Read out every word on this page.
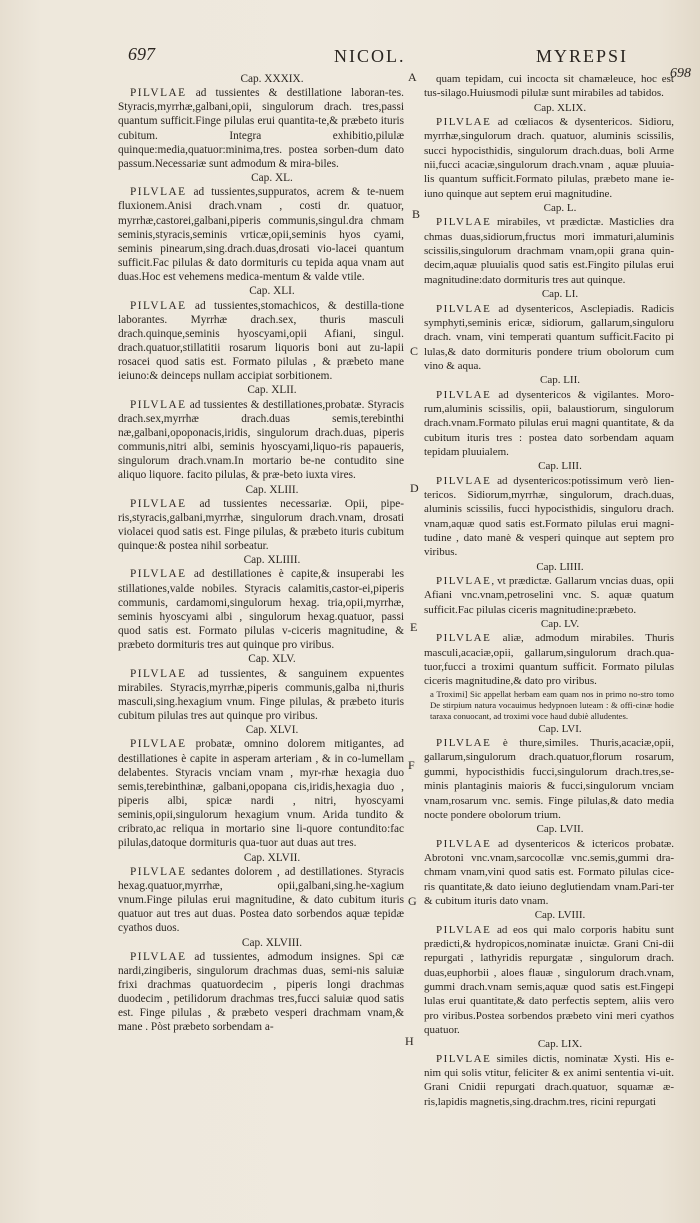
697	NICOL.	MYREPSI
698
A
B
C
D
E
F
G
H

Cap. XXXIX.

PILVLAE ad tussientes & destillatione laboran-tes. Styracis,myrrhæ,galbani,opii, singulorum drach. tres,passi quantum sufficit.Finge pilulas erui quantita-te,& præbeto ituris cubitum. Integra exhibitio,pilulæ quinque:media,quatuor:minima,tres. postea sorben-dum dato passum.Necessariæ sunt admodum & mira-biles.

Cap. XL.

PILVLAE ad tussientes,suppuratos, acrem & te-nuem fluxionem.Anisi drach.vnam , costi dr. quatuor, myrrhæ,castorei,galbani,piperis communis,singul.dra chmam seminis,styracis,seminis vrticæ,opii,seminis hyos cyami, seminis pinearum,sing.drach.duas,drosati vio-lacei quantum sufficit.Fac pilulas & dato dormituris cu tepida aqua vnam aut duas.Hoc est vehemens medica-mentum & valde vtile.

Cap. XLI.

PILVLAE ad tussientes,stomachicos, & destilla-tione laborantes. Myrrhæ drach.sex, thuris masculi drach.quinque,seminis hyoscyami,opii Afiani, singul. drach.quatuor,stillatitii rosarum liquoris boni aut zu-lapii rosacei quod satis est. Formato pilulas , & præbeto mane ieiuno:& deinceps nullam accipiat sorbitionem.

Cap. XLII.

PILVLAE ad tussientes & destillationes,probatæ. Styracis drach.sex,myrrhæ drach.duas semis,terebinthi næ,galbani,opoponacis,iridis, singulorum drach.duas, piperis communis,nitri albi, seminis hyoscyami,liquo-ris papaueris, singulorum drach.vnam.In mortario be-ne contudito sine aliquo liquore. facito pilulas, & præ-beto iuxta vires.

Cap. XLIII.

PILVLAE ad tussientes necessariæ. Opii, pipe-ris,styracis,galbani,myrrhæ, singulorum drach.vnam, drosati violacei quod satis est. Finge pilulas, & præbeto ituris cubitum quinque:& postea nihil sorbeatur.

Cap. XLIIII.

PILVLAE ad destillationes è capite,& insuperabi les stillationes,valde nobiles. Styracis calamitis,castor-ei,piperis communis, cardamomi,singulorum hexag. tria,opii,myrrhæ, seminis hyoscyami albi , singulorum hexag.quatuor, passi quod satis est. Formato pilulas v-ciceris magnitudine, & præbeto dormituris tres aut quinque pro viribus.

Cap. XLV.

PILVLAE ad tussientes, & sanguinem expuentes mirabiles. Styracis,myrrhæ,piperis communis,galba ni,thuris masculi,sing.hexagium vnum. Finge pilulas, & præbeto ituris cubitum pilulas tres aut quinque pro viribus.

Cap. XLVI.

PILVLAE probatæ, omnino dolorem mitigantes, ad destillationes è capite in asperam arteriam , & in co-lumellam delabentes. Styracis vnciam vnam , myr-rhæ hexagia duo semis,terebinthinæ, galbani,opopana cis,iridis,hexagia duo , piperis albi, spicæ nardi , nitri, hyoscyami seminis,opii,singulorum hexagium vnum. Arida tundito & cribrato,ac reliqua in mortario sine li-quore contundito:fac pilulas,datoque dormituris qua-tuor aut duas aut tres.

Cap. XLVII.

PILVLAE sedantes dolorem , ad destillationes. Styracis hexag.quatuor,myrrhæ, opii,galbani,sing.he-xagium vnum.Finge pilulas erui magnitudine, & dato cubitum ituris quatuor aut tres aut duas. Postea dato sorbendos aquæ tepidæ cyathos duos.

Cap. XLVIII.

PILVLAE ad tussientes, admodum insignes. Spi cæ nardi,zingiberis, singulorum drachmas duas, semi-nis saluiæ frixi drachmas quatuordecim , piperis longi drachmas duodecim , petilidorum drachmas tres,fucci saluiæ quod satis est. Finge pilulas , & præbeto vesperi drachmam vnam,& mane . Pòst præbeto sorbendam a-

quam tepidam, cui incocta sit chamæleuce, hoc est tus-silago.Huiusmodi pilulæ sunt mirabiles ad tabidos.

Cap. XLIX.

PILVLAE ad cœliacos & dysentericos. Sidioru, myrrhæ,singulorum drach. quatuor, aluminis scissilis, succi hypocisthidis, singulorum drach.duas, boli Arme nii,fucci acaciæ,singulorum drach.vnam , aquæ pluuia-lis quantum sufficit.Formato pilulas, præbeto mane ie-iuno quinque aut septem erui magnitudine.

Cap. L.

PILVLAE mirabiles, vt prædictæ. Masticlies dra chmas duas,sidiorum,fructus mori immaturi,aluminis scissilis,singulorum drachmam vnam,opii grana quin-decim,aquæ pluuialis quod satis est.Fingito pilulas erui magnitudine:dato dormituris tres aut quinque.

Cap. LI.

PILVLAE ad dysentericos, Asclepiadis. Radicis symphyti,seminis ericæ, sidiorum, gallarum,singuloru drach. vnam, vini temperati quantum sufficit.Facito pi lulas,& dato dormituris pondere trium obolorum cum vino & aqua.

Cap. LII.

PILVLAE ad dysentericos & vigilantes. Moro-rum,aluminis scissilis, opii, balaustiorum, singulorum drach.vnam.Formato pilulas erui magni quantitate, & da cubitum ituris tres : postea dato sorbendam aquam tepidam pluuialem.

Cap. LIII.

PILVLAE ad dysentericos:potissimum verò lien-tericos. Sidiorum,myrrhæ, singulorum, drach.duas, aluminis scissilis, fucci hypocisthidis, singuloru drach. vnam,aquæ quod satis est.Formato pilulas erui magni-tudine , dato manè & vesperi quinque aut septem pro viribus.

Cap. LIIII.

PILVLAE, vt prædictæ. Gallarum vncias duas, opii Afiani vnc.vnam,petroselini vnc. S. aquæ quatum sufficit.Fac pilulas ciceris magnitudine:præbeto.

Cap. LV.

PILVLAE aliæ, admodum mirabiles. Thuris masculi,acaciæ,opii, gallarum,singulorum drach.qua-tuor,fucci a troximi quantum sufficit. Formato pilulas ciceris magnitudine,& dato pro viribus.

a Troximi] Sic appellat herbam eam quam nos in primo no-stro tomo De stirpium natura vocauimus hedypnoen luteam : & offi-cinæ hodie taraxa conuocant, ad troximi voce haud dubiè alludentes.

Cap. LVI.

PILVLAE è thure,similes. Thuris,acaciæ,opii, gallarum,singulorum drach.quatuor,florum rosarum, gummi, hypocisthidis fucci,singulorum drach.tres,se-minis plantaginis maioris & fucci,singulorum vnciam vnam,rosarum vnc. semis. Finge pilulas,& dato media nocte pondere obolorum trium.

Cap. LVII.

PILVLAE ad dysentericos & ictericos probatæ. Abrotoni vnc.vnam,sarcocollæ vnc.semis,gummi dra-chmam vnam,vini quod satis est. Formato pilulas cice-ris quantitate,& dato ieiuno deglutiendam vnam.Pari-ter & cubitum ituris dato vnam.

Cap. LVIII.

PILVLAE ad eos qui malo corporis habitu sunt prædicti,& hydropicos,nominatæ inuictæ. Grani Cni-dii repurgati , lathyridis repurgatæ , singulorum drach. duas,euphorbii , aloes flauæ , singulorum drach.vnam, gummi drach.vnam semis,aquæ quod satis est.Fingepi lulas erui quantitate,& dato perfectis septem, aliis vero pro viribus.Postea sorbendos præbeto vini meri cyathos quatuor.

Cap. LIX.

PILVLAE similes dictis, nominatæ Xysti. His e-nim qui solis vtitur, feliciter & ex animi sententia vi-uit. Grani Cnidii repurgati drach.quatuor, squamæ æ-ris,lapidis magnetis,sing.drachm.tres, ricini repurgati
